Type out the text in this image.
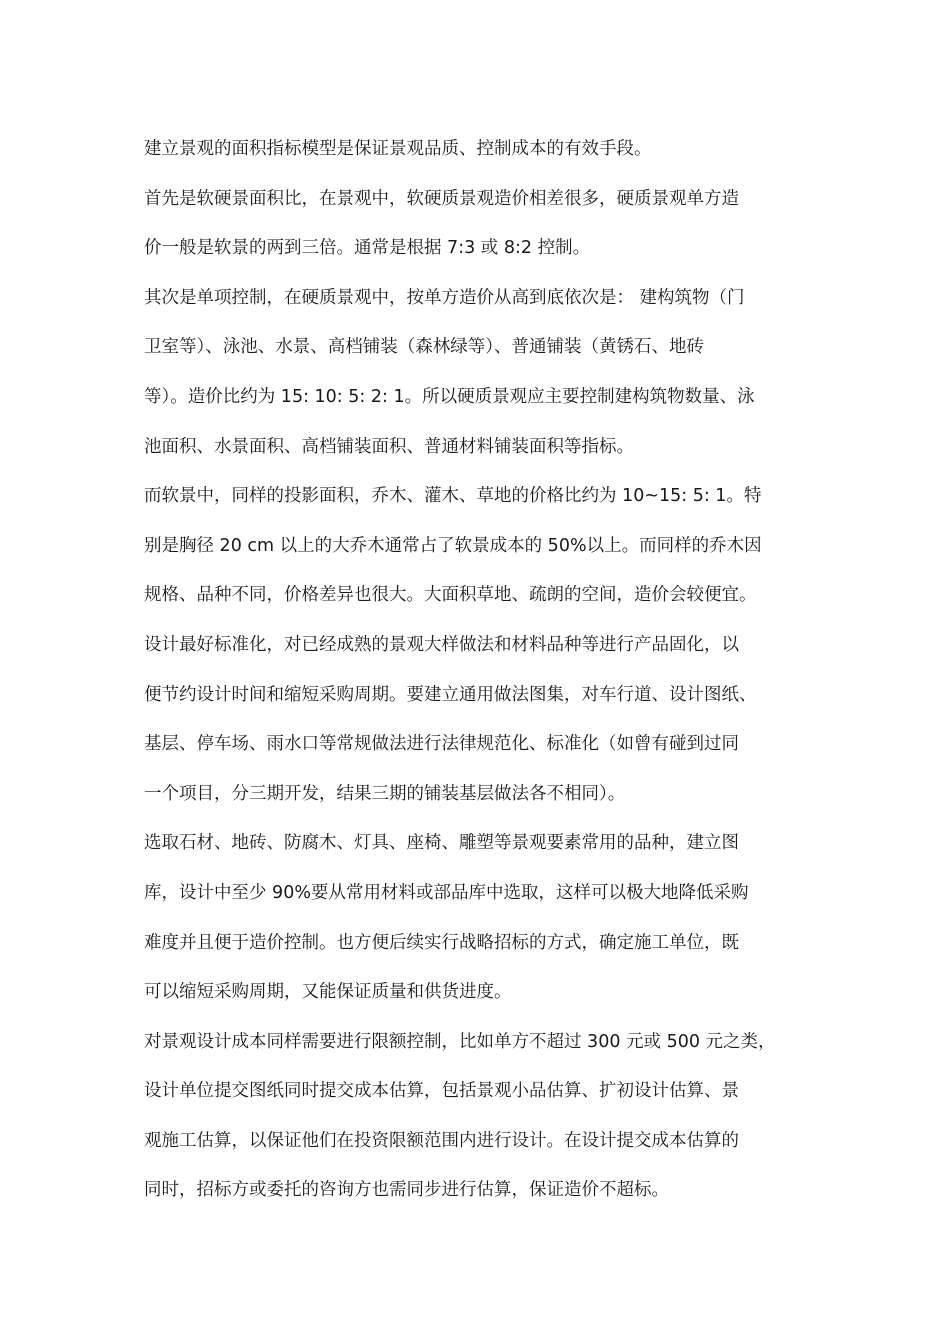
建立景观的面积指标模型是保证景观品质、控制成本的有效手段。
首先是软硬景面积比，在景观中，软硬质景观造价相差很多，硬质景观单方造
价一般是软景的两到三倍。通常是根据 7:3 或 8:2 控制。
其次是单项控制，在硬质景观中，按单方造价从高到底依次是： 建构筑物（门
卫室等）、泳池、水景、高档铺装（森林绿等）、普通铺装（黄锈石、地砖
等）。造价比约为 15: 10: 5: 2: 1。所以硬质景观应主要控制建构筑物数量、泳
池面积、水景面积、高档铺装面积、普通材料铺装面积等指标。
而软景中，同样的投影面积，乔木、灌木、草地的价格比约为 10~15: 5: 1。特
别是胸径 20 cm 以上的大乔木通常占了软景成本的 50%以上。而同样的乔木因
规格、品种不同，价格差异也很大。大面积草地、疏朗的空间，造价会较便宜。
设计最好标准化，对已经成熟的景观大样做法和材料品种等进行产品固化，以
便节约设计时间和缩短采购周期。要建立通用做法图集，对车行道、设计图纸、
基层、停车场、雨水口等常规做法进行法律规范化、标准化（如曾有碰到过同
一个项目，分三期开发，结果三期的铺装基层做法各不相同）。
选取石材、地砖、防腐木、灯具、座椅、雕塑等景观要素常用的品种，建立图
库，设计中至少 90%要从常用材料或部品库中选取，这样可以极大地降低采购
难度并且便于造价控制。也方便后续实行战略招标的方式，确定施工单位，既
可以缩短采购周期，又能保证质量和供货进度。
对景观设计成本同样需要进行限额控制，比如单方不超过 300 元或 500 元之类，
设计单位提交图纸同时提交成本估算，包括景观小品估算、扩初设计估算、景
观施工估算，以保证他们在投资限额范围内进行设计。在设计提交成本估算的
同时，招标方或委托的咨询方也需同步进行估算，保证造价不超标。
